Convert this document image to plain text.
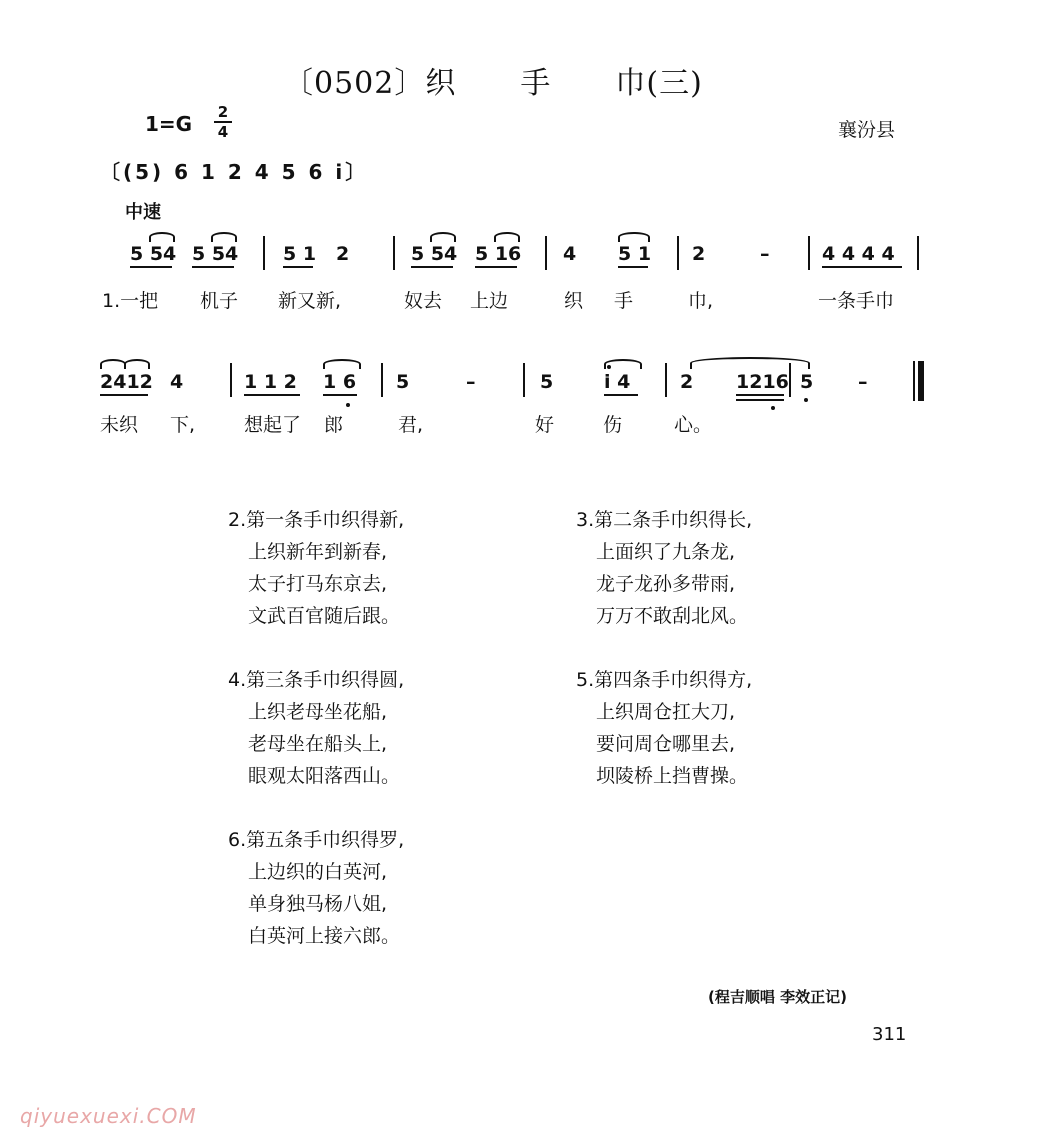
〔0502〕织 手 巾(三)
1=G 2
4	襄汾县
〔(5) 6 1 2 4 5 6 i〕
中速
5 54 5 54 5 1 2	5 54 5 16 4 5 1 2	–	4 4 4 4
1.一把 机子 新又新,	奴去 上边	织 手	巾,	一条手巾
2412 4	1 1 2 1 6 5	–	5	i 4	2 1216 5 –
未织 下,	想起了 郎	君,	好	伤	心。
2.第一条手巾织得新,
上织新年到新春,
太子打马东京去,
文武百官随后跟。
3.第二条手巾织得长,
上面织了九条龙,
龙子龙孙多带雨,
万万不敢刮北风。
4.第三条手巾织得圆,
上织老母坐花船,
老母坐在船头上,
眼观太阳落西山。
5.第四条手巾织得方,
上织周仓扛大刀,
要问周仓哪里去,
坝陵桥上挡曹操。
6.第五条手巾织得罗,
上边织的白英河,
单身独马杨八姐,
白英河上接六郎。
(程吉顺唱 李效正记)
311
qiyuexuexi.COM
